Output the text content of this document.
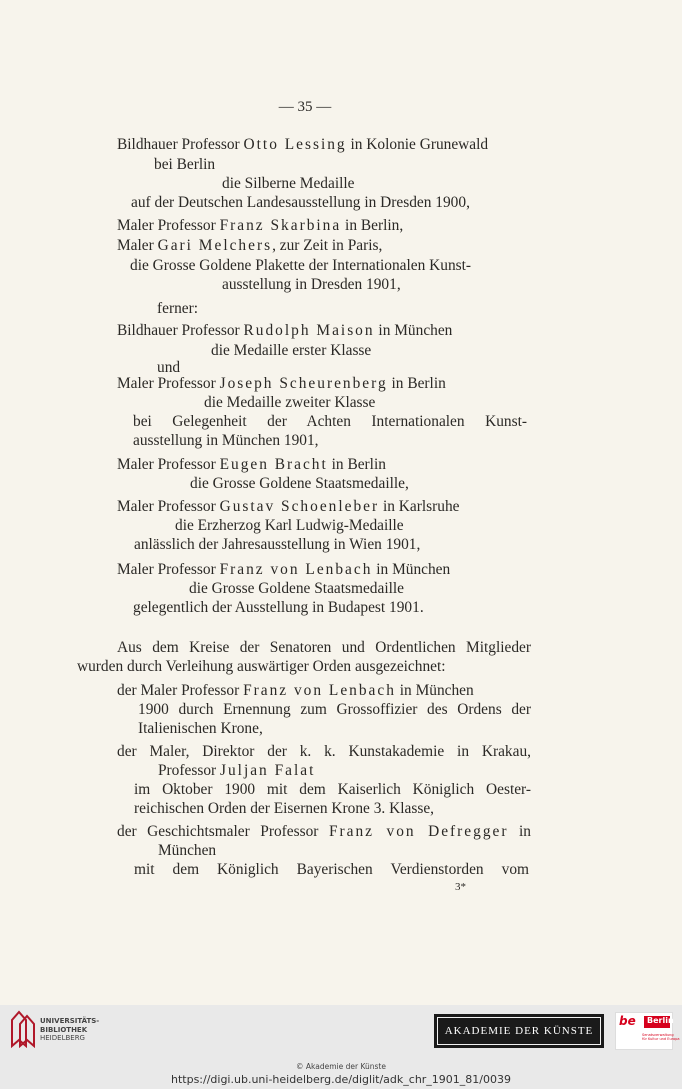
— 35 —
Bildhauer Professor Otto Lessing in Kolonie Grunewald
bei Berlin
die Silberne Medaille
auf der Deutschen Landesausstellung in Dresden 1900,
Maler Professor Franz Skarbina in Berlin,
Maler Gari Melchers, zur Zeit in Paris,
die Grosse Goldene Plakette der Internationalen Kunst-
ausstellung in Dresden 1901,
ferner:
Bildhauer Professor Rudolph Maison in München
die Medaille erster Klasse
und
Maler Professor Joseph Scheurenberg in Berlin
die Medaille zweiter Klasse
bei Gelegenheit der Achten Internationalen Kunst-
ausstellung in München 1901,
Maler Professor Eugen Bracht in Berlin
die Grosse Goldene Staatsmedaille,
Maler Professor Gustav Schoenleber in Karlsruhe
die Erzherzog Karl Ludwig-Medaille
anlässlich der Jahresausstellung in Wien 1901,
Maler Professor Franz von Lenbach in München
die Grosse Goldene Staatsmedaille
gelegentlich der Ausstellung in Budapest 1901.
Aus dem Kreise der Senatoren und Ordentlichen Mitglieder
wurden durch Verleihung auswärtiger Orden ausgezeichnet:
der Maler Professor Franz von Lenbach in München
1900 durch Ernennung zum Grossoffizier des Ordens der
Italienischen Krone,
der Maler, Direktor der k. k. Kunstakademie in Krakau,
Professor Juljan Falat
im Oktober 1900 mit dem Kaiserlich Königlich Oester-
reichischen Orden der Eisernen Krone 3. Klasse,
der Geschichtsmaler Professor Franz von Defregger in
München
mit dem Königlich Bayerischen Verdienstorden vom
3*
UNIVERSITÄTS-
BIBLIOTHEK
HEIDELBERG
AKADEMIE DER KÜNSTE
be Berlin
Senatsverwaltung
für Kultur und Europa
© Akademie der Künste
https://digi.ub.uni-heidelberg.de/diglit/adk_chr_1901_81/0039
